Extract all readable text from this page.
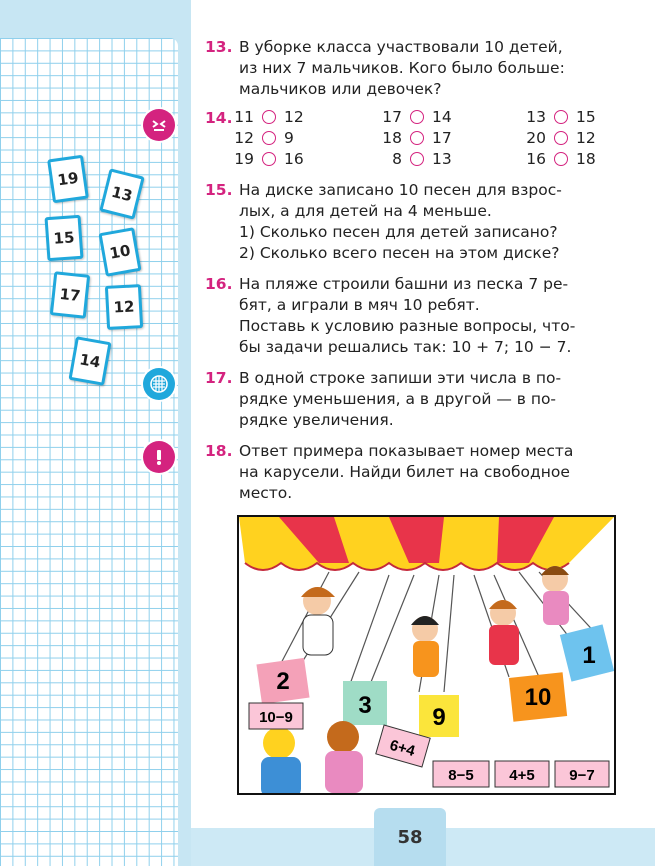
19
13
15
10
17
12
14
13. В уборке класса участвовали 10 детей,
из них 7 мальчиков. Кого было больше:
мальчиков или девочек?
14. 11 12	17 14	13 15
12 9	18 17	20 12
19 16	8 13	16 18
15. На диске записано 10 песен для взрос-
лых, а для детей на 4 меньше.
1) Сколько песен для детей записано?
2) Сколько всего песен на этом диске?
16. На пляже строили башни из песка 7 ре-
бят, а играли в мяч 10 ребят.
Поставь к условию разные вопросы, что-
бы задачи решались так: 10 + 7; 10 − 7.
17. В одной строке запиши эти числа в по-
рядке уменьшения, а в другой — в по-
рядке увеличения.
18. Ответ примера показывает номер места
на карусели. Найди билет на свободное
место.
2
3	9
10
1
10−9
6+4
8−5 4+5 9−7
58
